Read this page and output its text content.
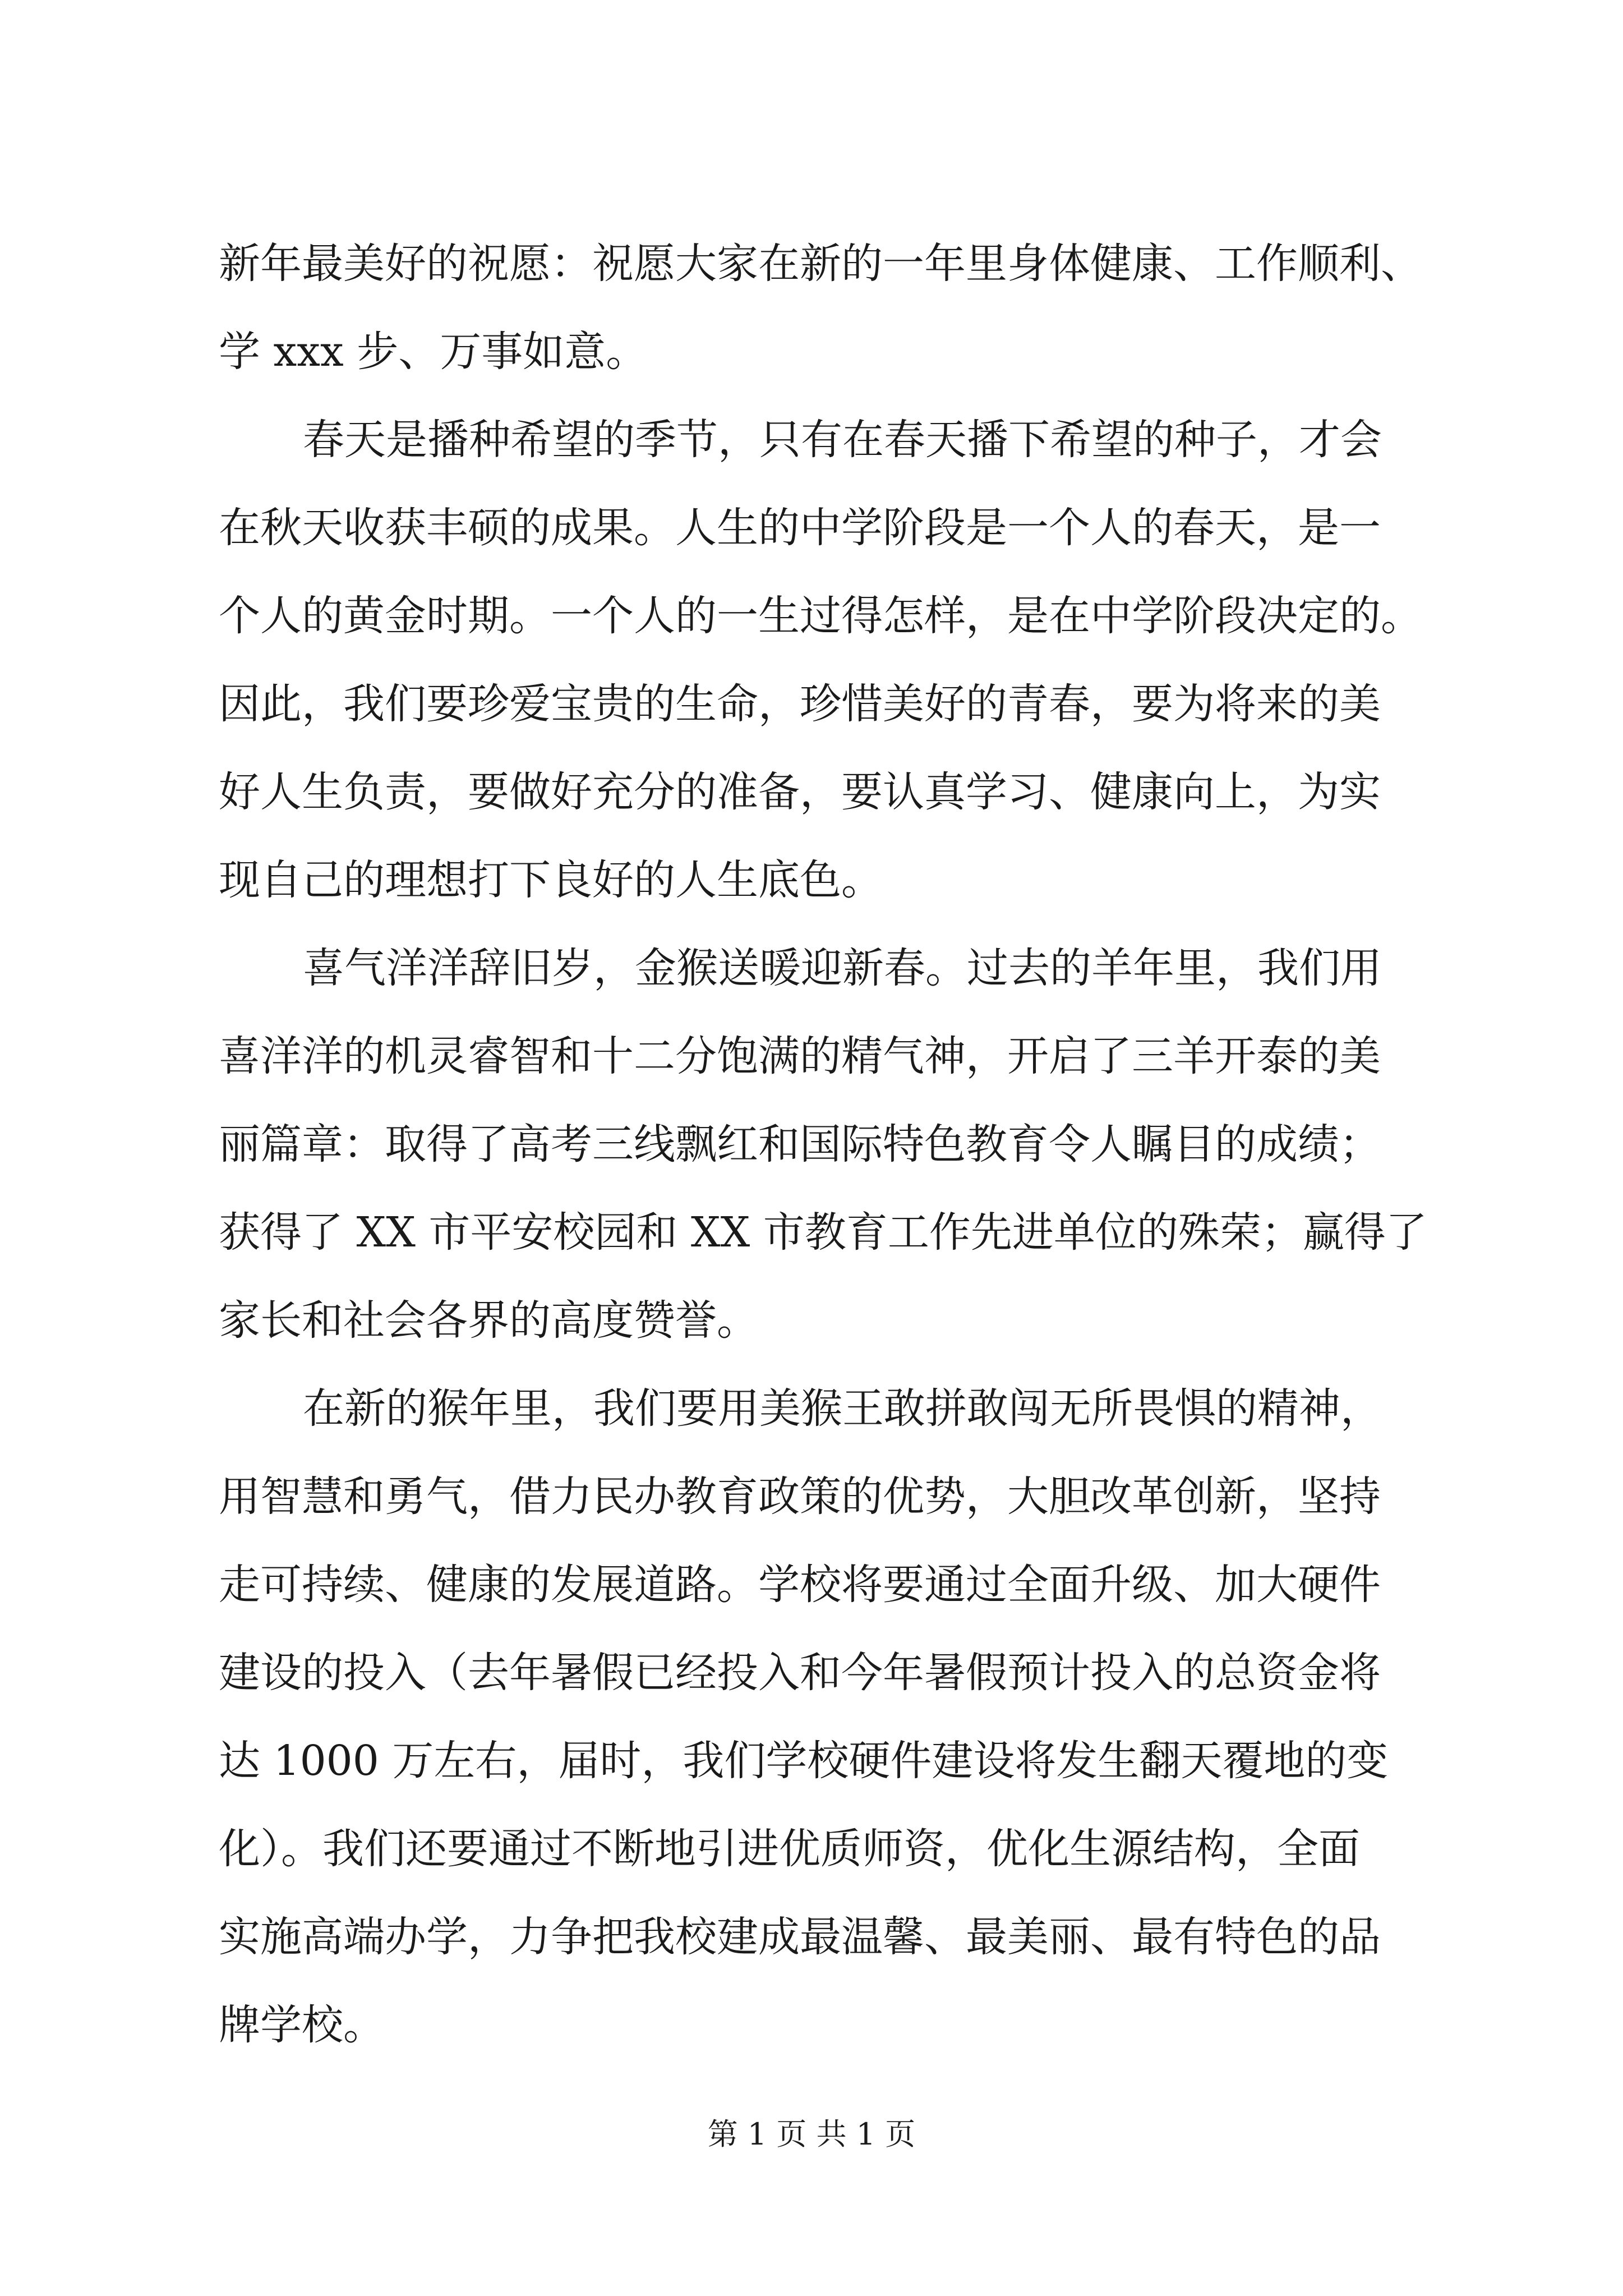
新年最美好的祝愿：祝愿大家在新的一年里身体健康、工作顺利、

学 xxx 步、万事如意。

春天是播种希望的季节，只有在春天播下希望的种子，才会

在秋天收获丰硕的成果。人生的中学阶段是一个人的春天，是一

个人的黄金时期。一个人的一生过得怎样，是在中学阶段决定的。

因此，我们要珍爱宝贵的生命，珍惜美好的青春，要为将来的美

好人生负责，要做好充分的准备，要认真学习、健康向上，为实

现自己的理想打下良好的人生底色。

喜气洋洋辞旧岁，金猴送暖迎新春。过去的羊年里，我们用

喜洋洋的机灵睿智和十二分饱满的精气神，开启了三羊开泰的美

丽篇章：取得了高考三线飘红和国际特色教育令人瞩目的成绩；

获得了 XX 市平安校园和 XX 市教育工作先进单位的殊荣；赢得了

家长和社会各界的高度赞誉。

在新的猴年里，我们要用美猴王敢拼敢闯无所畏惧的精神，

用智慧和勇气，借力民办教育政策的优势，大胆改革创新，坚持

走可持续、健康的发展道路。学校将要通过全面升级、加大硬件

建设的投入（去年暑假已经投入和今年暑假预计投入的总资金将

达 1000 万左右，届时，我们学校硬件建设将发生翻天覆地的变

化）。我们还要通过不断地引进优质师资，优化生源结构，全面

实施高端办学，力争把我校建成最温馨、最美丽、最有特色的品

牌学校。

第 1 页 共 1 页
